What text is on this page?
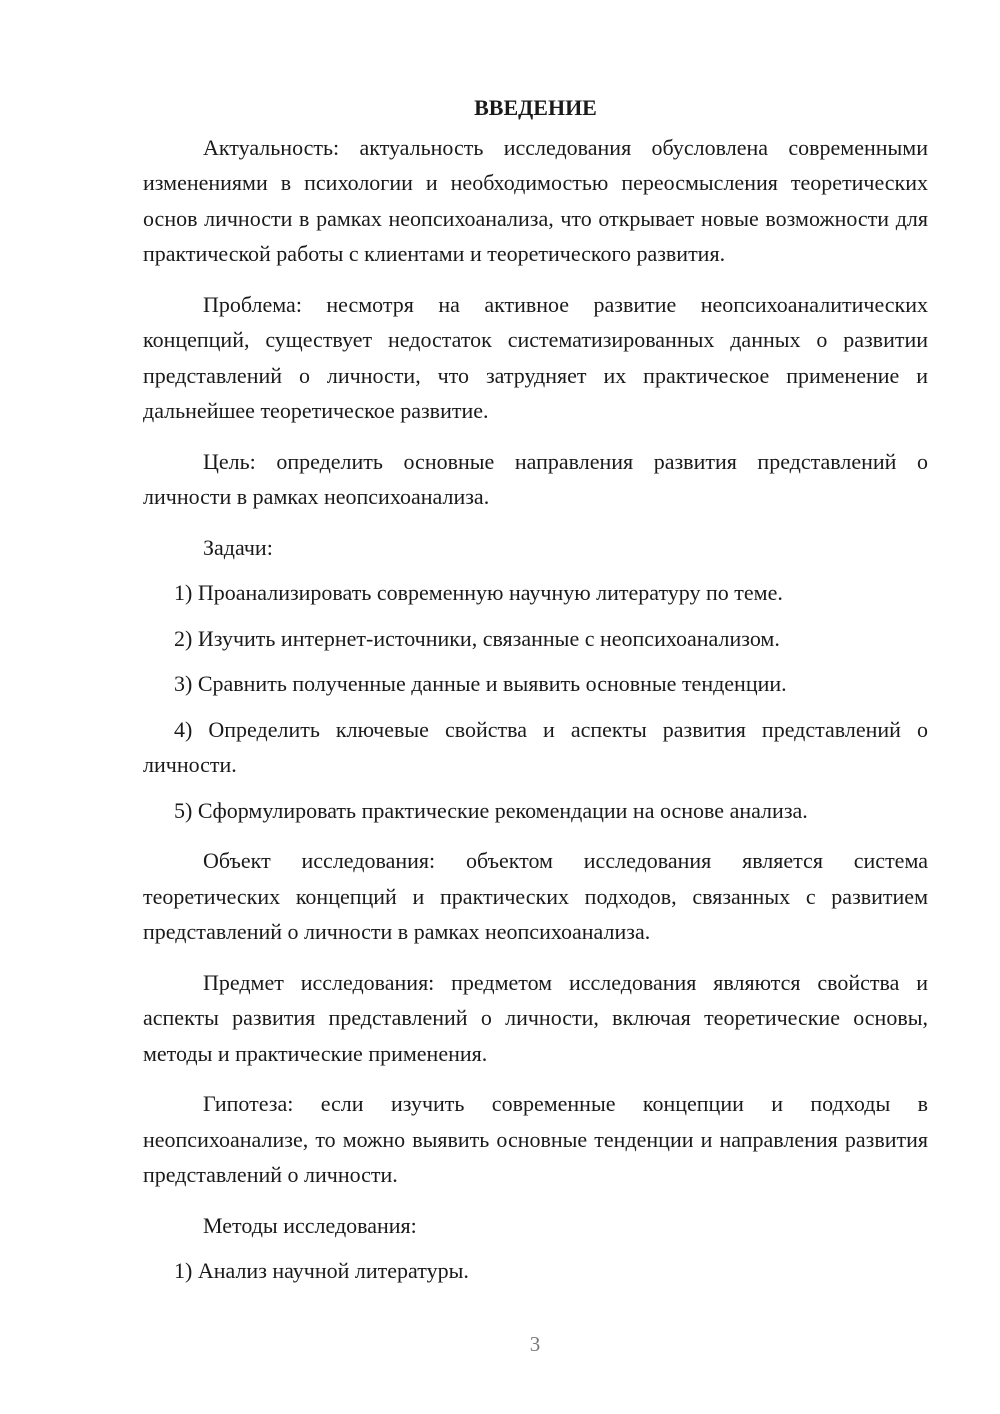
ВВЕДЕНИЕ

Актуальность: актуальность исследования обусловлена современными изменениями в психологии и необходимостью переосмысления теоретических основ личности в рамках неопсихоанализа, что открывает новые возможности для практической работы с клиентами и теоретического развития.

Проблема: несмотря на активное развитие неопсихоаналитических концепций, существует недостаток систематизированных данных о развитии представлений о личности, что затрудняет их практическое применение и дальнейшее теоретическое развитие.

Цель: определить основные направления развития представлений о личности в рамках неопсихоанализа.

Задачи:

1) Проанализировать современную научную литературу по теме.

2) Изучить интернет-источники, связанные с неопсихоанализом.

3) Сравнить полученные данные и выявить основные тенденции.

4) Определить ключевые свойства и аспекты развития представлений о личности.

5) Сформулировать практические рекомендации на основе анализа.

Объект исследования: объектом исследования является система теоретических концепций и практических подходов, связанных с развитием представлений о личности в рамках неопсихоанализа.

Предмет исследования: предметом исследования являются свойства и аспекты развития представлений о личности, включая теоретические основы, методы и практические применения.

Гипотеза: если изучить современные концепции и подходы в неопсихоанализе, то можно выявить основные тенденции и направления развития представлений о личности.

Методы исследования:

1) Анализ научной литературы.

3
